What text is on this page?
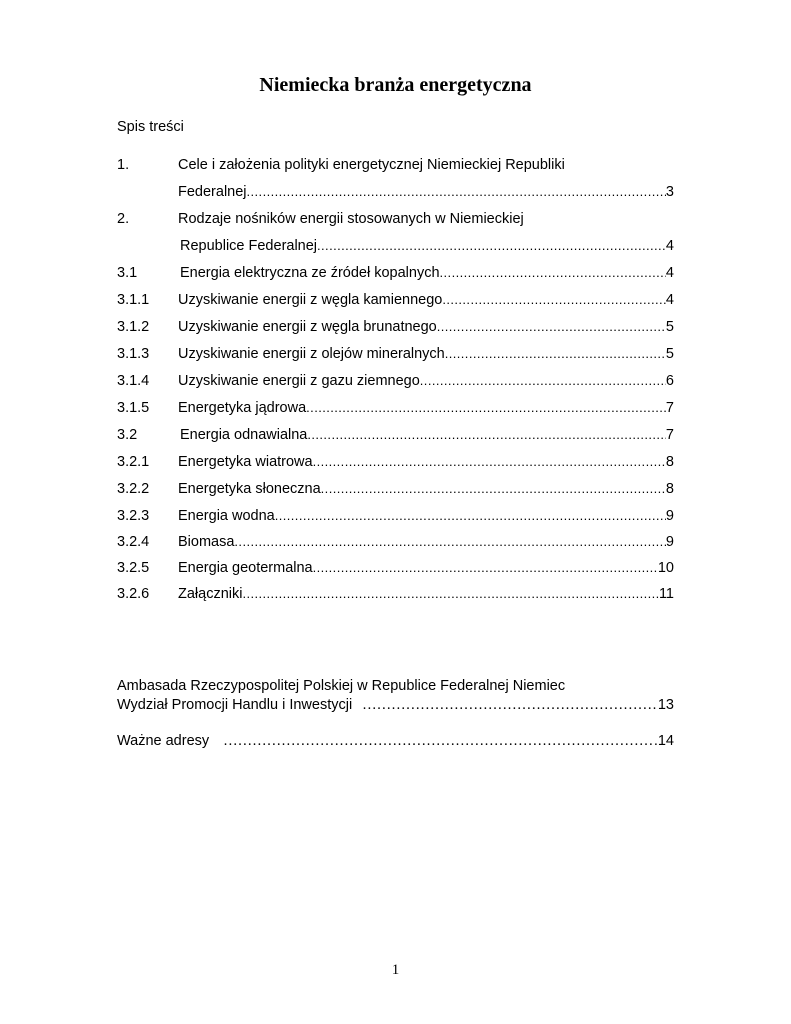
Niemiecka branża energetyczna
Spis treści
1.	Cele i założenia polityki energetycznej Niemieckiej Republiki
Federalnej .....	3
2.	Rodzaje nośników energii stosowanych w Niemieckiej
Republice Federalnej .....	4
3.1	Energia elektryczna ze źródeł kopalnych .....	4
3.1.1 Uzyskiwanie energii z węgla kamiennego .....	4
3.1.2 Uzyskiwanie energii z węgla brunatnego .....	5
3.1.3 Uzyskiwanie energii z olejów mineralnych .....	5
3.1.4 Uzyskiwanie energii z gazu ziemnego .....	6
3.1.5 Energetyka jądrowa .....	7
3.2	Energia odnawialna .....	7
3.2.1 Energetyka wiatrowa .....	8
3.2.2 Energetyka słoneczna .....	8
3.2.3 Energia wodna .....	9
3.2.4 Biomasa .....	9
3.2.5 Energia geotermalna .....	10
3.2.6 Załączniki .....	11
Ambasada Rzeczypospolitej Polskiej w Republice Federalnej Niemiec
Wydział Promocji Handlu i Inwestycji ……………………………………………………………………………………………………………………	13
Ważne adresy ……………………………………………………………………………………………………………………	.14
1
